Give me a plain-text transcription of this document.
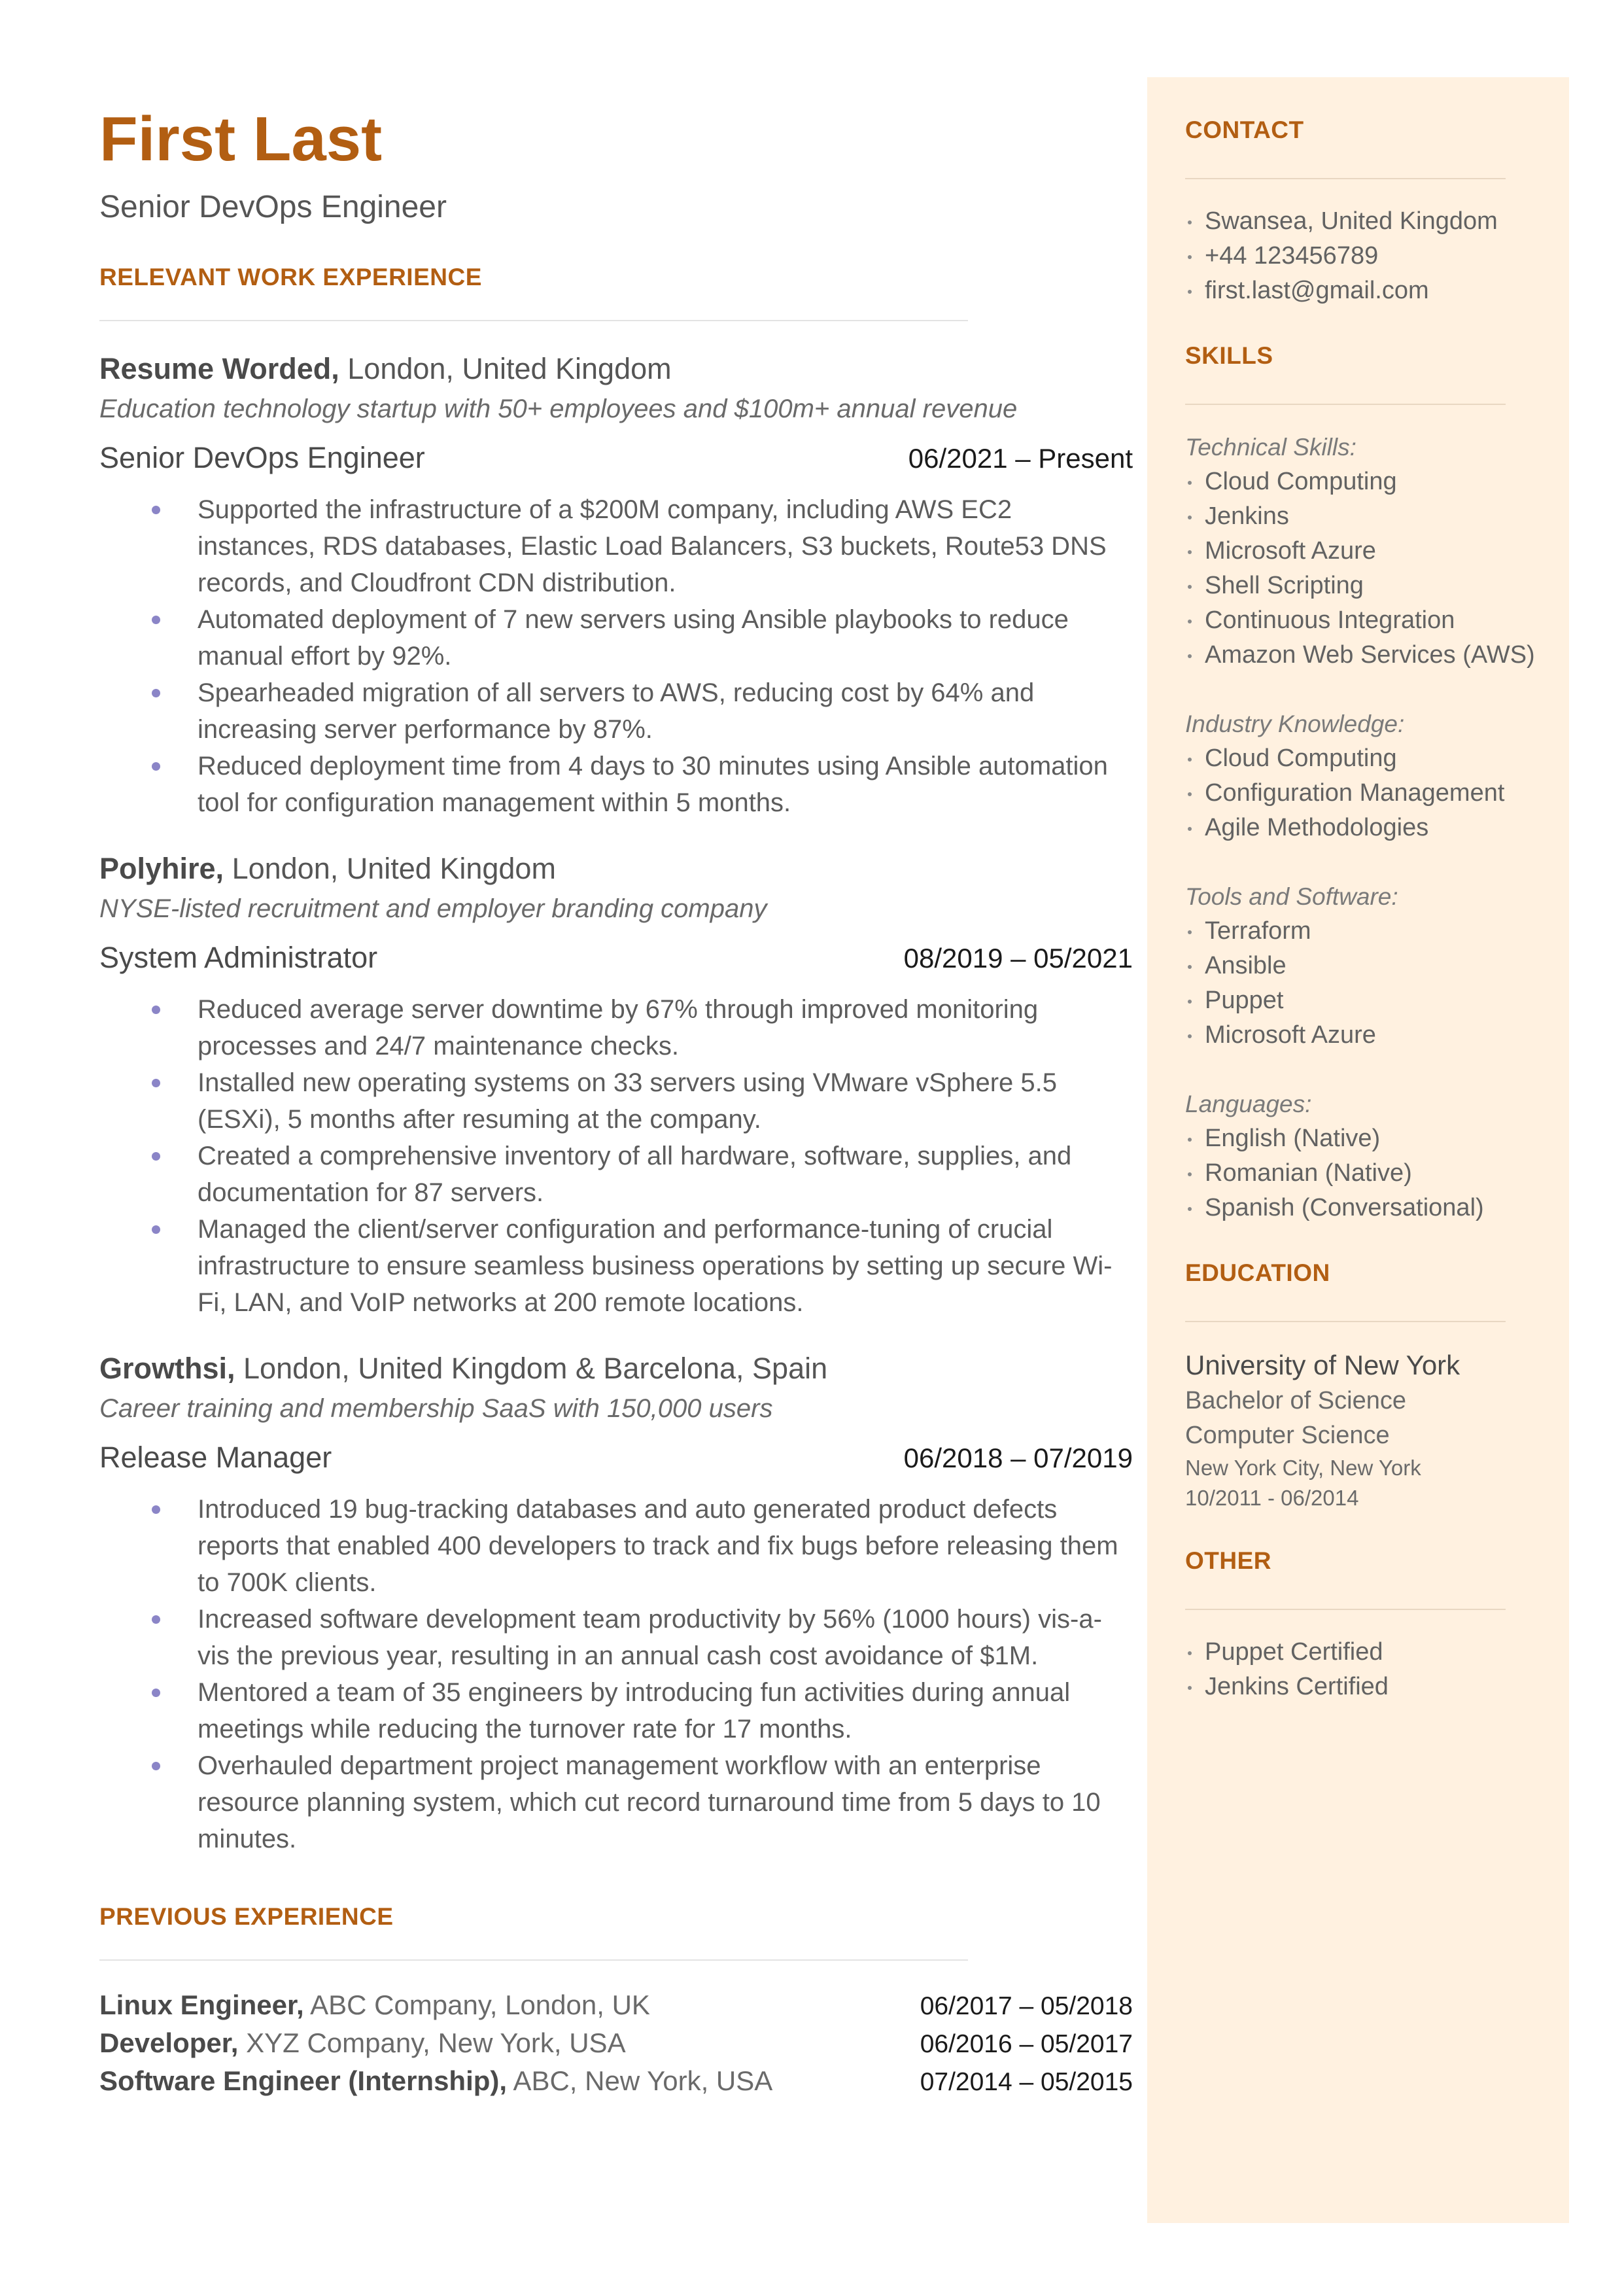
First Last
Senior DevOps Engineer
RELEVANT WORK EXPERIENCE
Resume Worded, London, United Kingdom
Education technology startup with 50+ employees and $100m+ annual revenue
Senior DevOps Engineer	06/2021 – Present
Supported the infrastructure of a $200M company, including AWS EC2 instances, RDS databases, Elastic Load Balancers, S3 buckets, Route53 DNS records, and Cloudfront CDN distribution.
Automated deployment of 7 new servers using Ansible playbooks to reduce manual effort by 92%.
Spearheaded migration of all servers to AWS, reducing cost by 64% and increasing server performance by 87%.
Reduced deployment time from 4 days to 30 minutes using Ansible automation tool for configuration management within 5 months.
Polyhire, London, United Kingdom
NYSE-listed recruitment and employer branding company
System Administrator	08/2019 – 05/2021
Reduced average server downtime by 67% through improved monitoring processes and 24/7 maintenance checks.
Installed new operating systems on 33 servers using VMware vSphere 5.5 (ESXi), 5 months after resuming at the company.
Created a comprehensive inventory of all hardware, software, supplies, and documentation for 87 servers.
Managed the client/server configuration and performance-tuning of crucial infrastructure to ensure seamless business operations by setting up secure Wi-Fi, LAN, and VoIP networks at 200 remote locations.
Growthsi, London, United Kingdom & Barcelona, Spain
Career training and membership SaaS with 150,000 users
Release Manager	06/2018 – 07/2019
Introduced 19 bug-tracking databases and auto generated product defects reports that enabled 400 developers to track and fix bugs before releasing them to 700K clients.
Increased software development team productivity by 56% (1000 hours) vis-a-vis the previous year, resulting in an annual cash cost avoidance of $1M.
Mentored a team of 35 engineers by introducing fun activities during annual meetings while reducing the turnover rate for 17 months.
Overhauled department project management workflow with an enterprise resource planning system, which cut record turnaround time from 5 days to 10 minutes.
PREVIOUS EXPERIENCE
Linux Engineer, ABC Company, London, UK	06/2017 – 05/2018
Developer, XYZ Company, New York, USA	06/2016 – 05/2017
Software Engineer (Internship), ABC, New York, USA	07/2014 – 05/2015
CONTACT
Swansea, United Kingdom
+44 123456789
first.last@gmail.com
SKILLS
Technical Skills:
Cloud Computing
Jenkins
Microsoft Azure
Shell Scripting
Continuous Integration
Amazon Web Services (AWS)
Industry Knowledge:
Cloud Computing
Configuration Management
Agile Methodologies
Tools and Software:
Terraform
Ansible
Puppet
Microsoft Azure
Languages:
English (Native)
Romanian (Native)
Spanish (Conversational)
EDUCATION
University of New York
Bachelor of Science
Computer Science
New York City, New York
10/2011 - 06/2014
OTHER
Puppet Certified
Jenkins Certified
